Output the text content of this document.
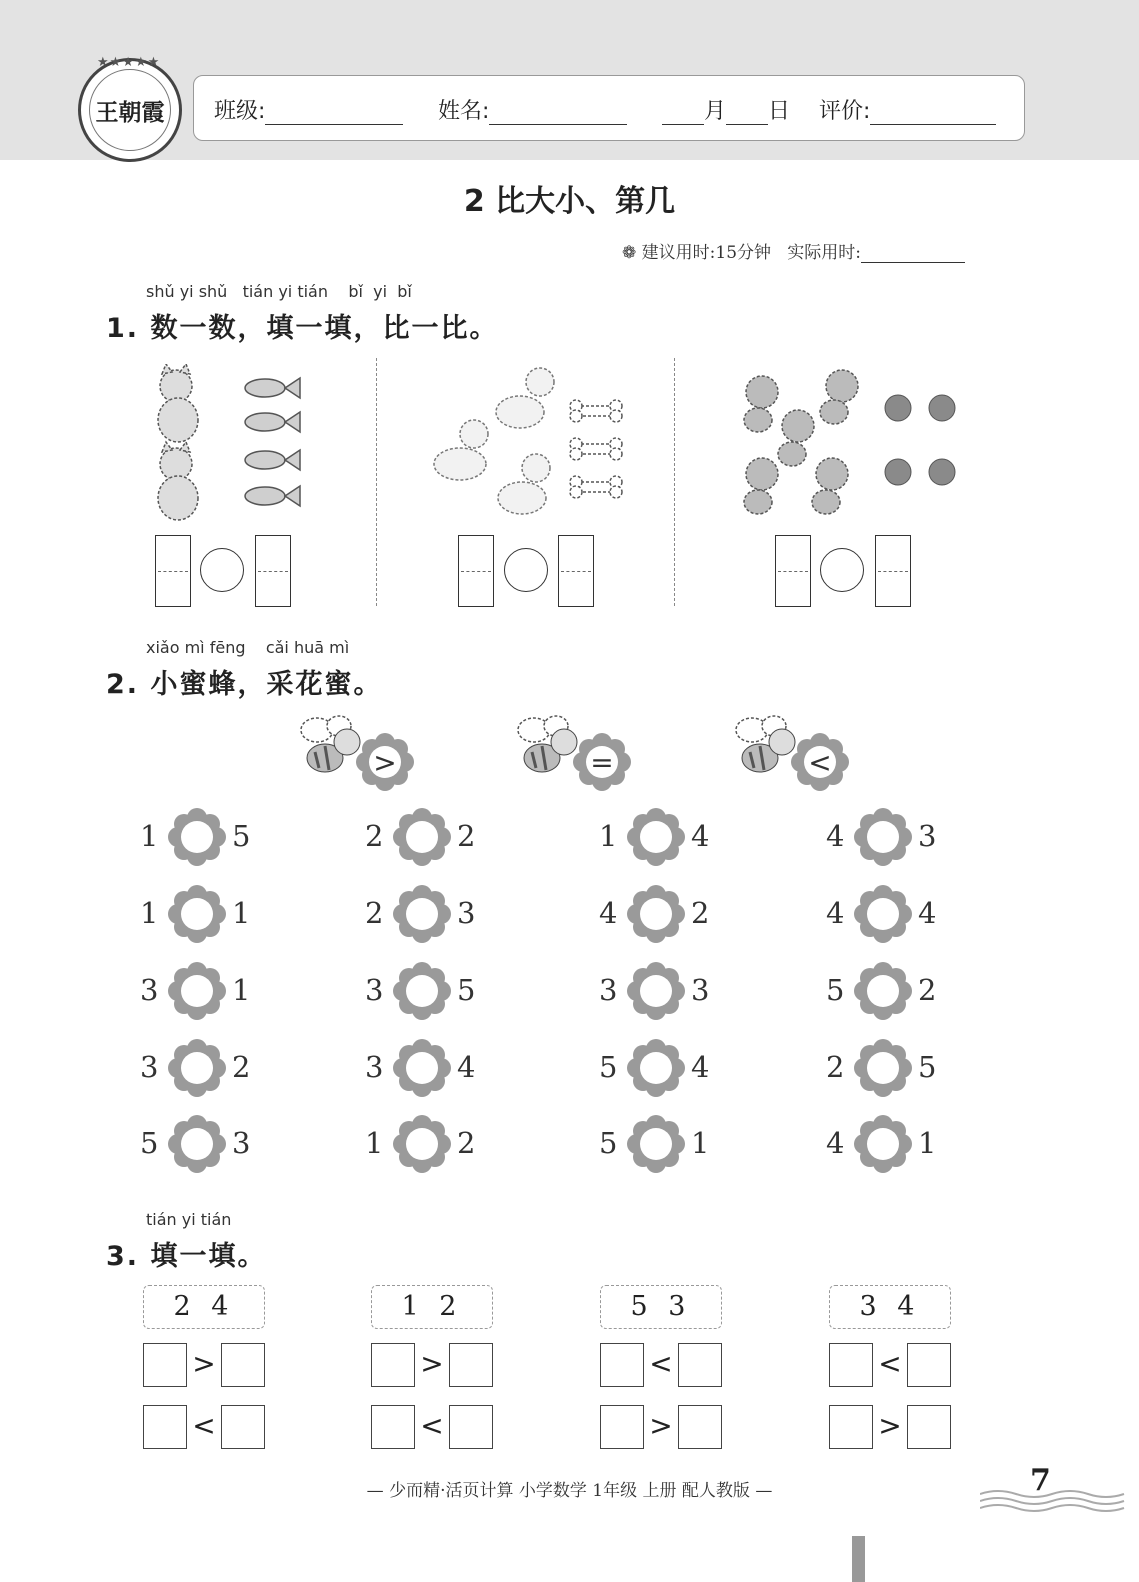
★★★★★
王朝霞 班级:	姓名:	月 日 评价:
2 比大小、第几
❁ 建议用时:15分钟 实际用时:
shǔ yi shǔ   tián yi tián    bǐ  yi  bǐ
1. 数一数，填一填，比一比。
xiǎo mì fēng    cǎi huā mì
2. 小蜜蜂，采花蜜。
>	=	<
1	5	2	2	1	4	4	3
1	1	2	3	4	2	4	4
3	1	3	5	3	3	5	2
3	2	3	4	5	4	2	5
5	3	1	2	5	1	4	1
tián yi tián
3. 填一填。
2 4
>
<
1 2
>
<
5 3
<
>
3 4
<
>
— 少而精·活页计算 小学数学 1年级 上册 配人教版 —	7
